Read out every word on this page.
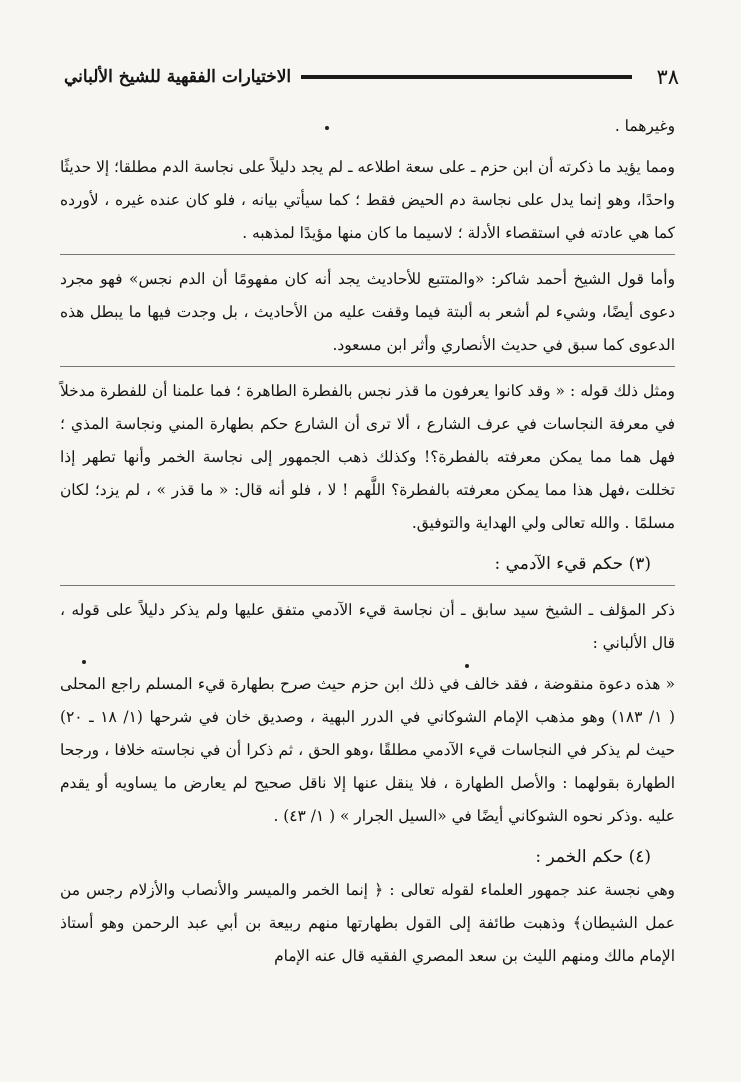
٣٨
الاختيارات الفقهية للشيخ الألباني

وغيرهما .

ومما يؤيد ما ذكرته أن ابن حزم ـ على سعة اطلاعه ـ لم يجد دليلاً على نجاسة الدم مطلقا؛ إلا حديثًا واحدًا، وهو إنما يدل على نجاسة دم الحيض فقط ؛ كما سيأتي بيانه ، فلو كان عنده غيره ، لأورده كما هي عادته في استقصاء الأدلة ؛ لاسيما ما كان منها مؤيدًا لمذهبه .

وأما قول الشيخ أحمد شاكر: «والمتتبع للأحاديث يجد أنه كان مفهومًا أن الدم نجس» فهو مجرد دعوى أيضًا، وشيء لم أشعر به ألبتة فيما وقفت عليه من الأحاديث ، بل وجدت فيها ما يبطل هذه الدعوى كما سبق في حديث الأنصاري وأثر ابن مسعود.

ومثل ذلك قوله : « وقد كانوا يعرفون ما قذر نجس بالفطرة الطاهرة ؛ فما علمنا أن للفطرة مدخلاً في معرفة النجاسات في عرف الشارع ، ألا ترى أن الشارع حكم بطهارة المني ونجاسة المذي ؛ فهل هما مما يمكن معرفته بالفطرة؟! وكذلك ذهب الجمهور إلى نجاسة الخمر وأنها تطهر إذا تخللت ،فهل هذا مما يمكن معرفته بالفطرة؟ اللَّهم ! لا ، فلو أنه قال: « ما قذر » ، لم يزد؛ لكان مسلمًا . والله تعالى ولي الهداية والتوفيق.

(٣) حكم قيء الآدمي :

ذكر المؤلف ـ الشيخ سيد سابق ـ أن نجاسة قيء الآدمي متفق عليها ولم يذكر دليلاً على قوله ، قال الألباني :

« هذه دعوة منقوضة ، فقد خالف في ذلك ابن حزم حيث صرح بطهارة قيء المسلم راجع المحلى ( ١/ ١٨٣) وهو مذهب الإمام الشوكاني في الدرر البهية ، وصديق خان في شرحها (١/ ١٨ ـ ٢٠) حيث لم يذكر في النجاسات قيء الآدمي مطلقًا ،وهو الحق ، ثم ذكرا أن في نجاسته خلافا ، ورجحا الطهارة بقولهما : والأصل الطهارة ، فلا ينقل عنها إلا ناقل صحيح لم يعارض ما يساويه أو يقدم عليه .وذكر نحوه الشوكاني أيضًا في «السيل الجرار » ( ١/ ٤٣) .

(٤) حكم الخمر :

وهي نجسة عند جمهور العلماء لقوله تعالى : ﴿ إنما الخمر والميسر والأنصاب والأزلام رجس من عمل الشيطان﴾ وذهبت طائفة إلى القول بطهارتها منهم ربيعة بن أبي عبد الرحمن وهو أستاذ الإمام مالك ومنهم الليث بن سعد المصري الفقيه قال عنه الإمام
